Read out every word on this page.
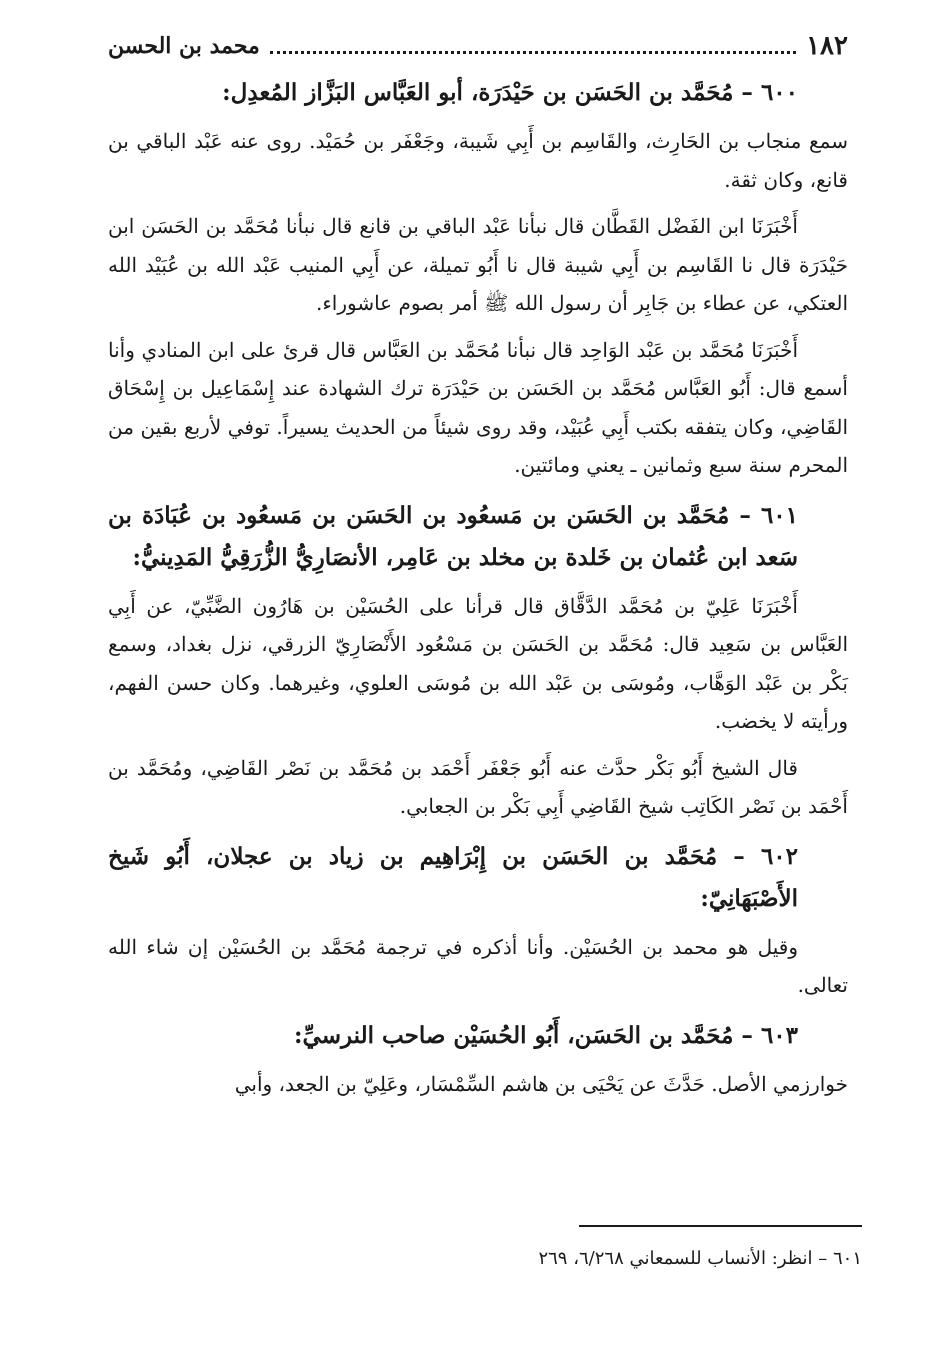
١٨٢
محمد بن الحسن

٦٠٠ – مُحَمَّد بن الحَسَن بن حَيْدَرَة، أبو العَبَّاس البَزَّاز المُعدِل:

سمع منجاب بن الحَارِث، والقَاسِم بن أَبِي شَيبة، وجَعْفَر بن حُمَيْد. روى عنه عَبْد الباقي بن قانع، وكان ثقة.

أَخْبَرَنَا ابن الفَضْل القَطَّان قال نبأنا عَبْد الباقي بن قانع قال نبأنا مُحَمَّد بن الحَسَن ابن حَيْدَرَة قال نا القَاسِم بن أَبِي شيبة قال نا أَبُو تميلة، عن أَبِي المنيب عَبْد الله بن عُبَيْد الله العتكي، عن عطاء بن جَابِر أن رسول الله ﷺ أمر بصوم عاشوراء.

أَخْبَرَنَا مُحَمَّد بن عَبْد الوَاحِد قال نبأنا مُحَمَّد بن العَبَّاس قال قرئ على ابن المنادي وأنا أسمع قال: أَبُو العَبَّاس مُحَمَّد بن الحَسَن بن حَيْدَرَة ترك الشهادة عند إِسْمَاعِيل بن إِسْحَاق القَاضِي، وكان يتفقه بكتب أَبِي عُبَيْد، وقد روى شيئاً من الحديث يسيراً. توفي لأربع بقين من المحرم سنة سبع وثمانين ـ يعني ومائتين.

٦٠١ – مُحَمَّد بن الحَسَن بن مَسعُود بن الحَسَن بن مَسعُود بن عُبَادَة بن سَعد ابن عُثمان بن خَلدة بن مخلد بن عَامِر، الأنصَارِيُّ الزُّرَقِيُّ المَدِينيُّ:

أَخْبَرَنَا عَلِيّ بن مُحَمَّد الدَّقَّاق قال قرأنا على الحُسَيْن بن هَارُون الضَّبِّيّ، عن أَبِي العَبَّاس بن سَعِيد قال: مُحَمَّد بن الحَسَن بن مَسْعُود الأَنْصَارِيّ الزرقي، نزل بغداد، وسمع بَكْر بن عَبْد الوَهَّاب، ومُوسَى بن عَبْد الله بن مُوسَى العلوي، وغيرهما. وكان حسن الفهم، ورأيته لا يخضب.

قال الشيخ أَبُو بَكْر حدَّث عنه أَبُو جَعْفَر أَحْمَد بن مُحَمَّد بن نَصْر القَاضِي، ومُحَمَّد بن أَحْمَد بن نَصْر الكَاتِب شيخ القَاضِي أَبِي بَكْر بن الجعابي.

٦٠٢ – مُحَمَّد بن الحَسَن بن إِبْرَاهِيم بن زياد بن عجلان، أَبُو شَيخ الأَصْبَهَانِيّ:

وقيل هو محمد بن الحُسَيْن. وأنا أذكره في ترجمة مُحَمَّد بن الحُسَيْن إن شاء الله تعالى.

٦٠٣ – مُحَمَّد بن الحَسَن، أَبُو الحُسَيْن صاحب النرسيِّ:

خوارزمي الأصل. حَدَّثَ عن يَحْيَى بن هاشم السِّمْسَار، وعَلِيّ بن الجعد، وأبي

٦٠١ – انظر: الأنساب للسمعاني ٦/٢٦٨، ٢٦٩
